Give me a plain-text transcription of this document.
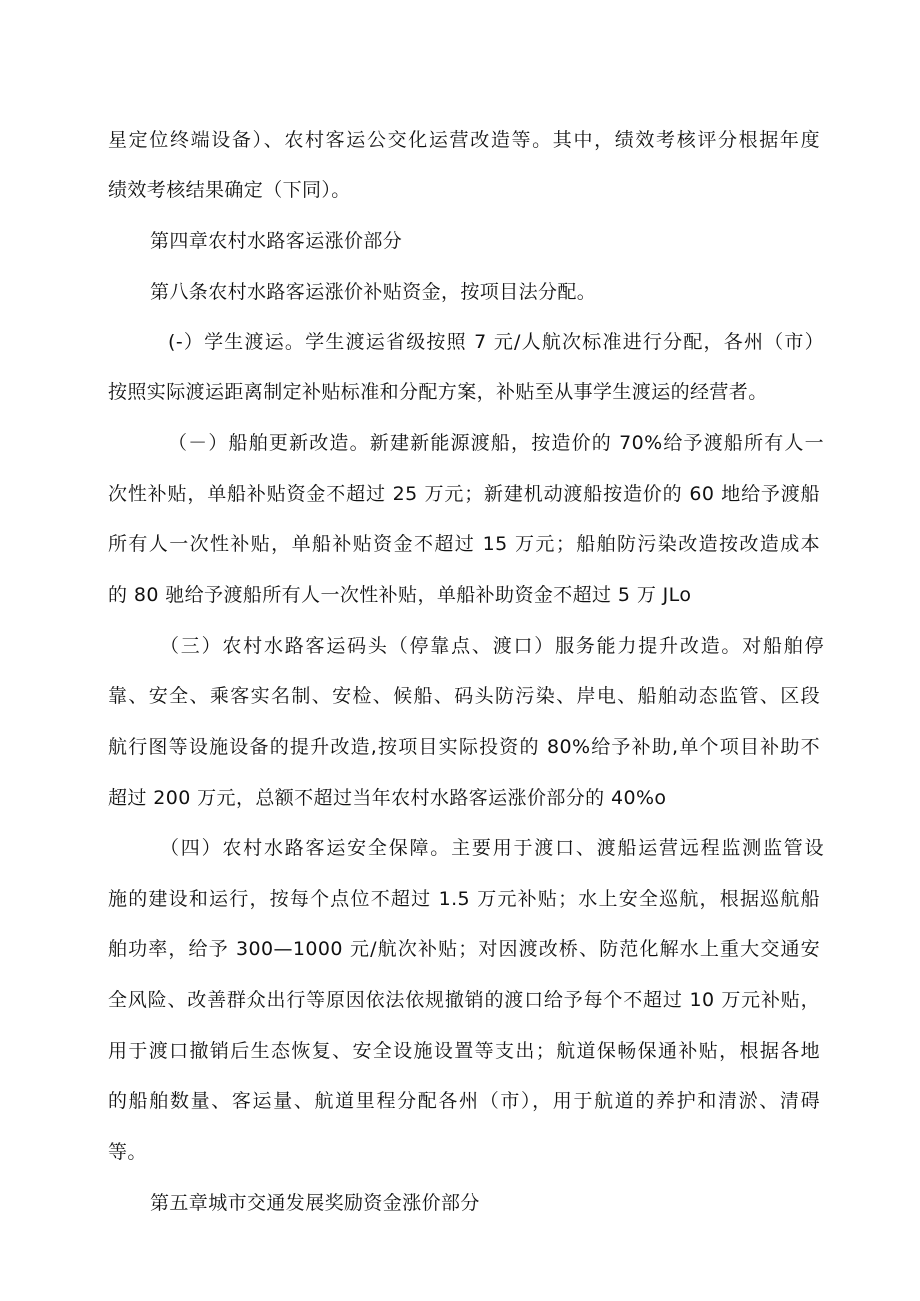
星定位终端设备）、农村客运公交化运营改造等。其中，绩效考核评分根据年度
绩效考核结果确定（下同）。
第四章农村水路客运涨价部分
第八条农村水路客运涨价补贴资金，按项目法分配。
(-）学生渡运。学生渡运省级按照 7 元/人航次标准进行分配，各州（市）
按照实际渡运距离制定补贴标准和分配方案，补贴至从事学生渡运的经营者。
（－）船舶更新改造。新建新能源渡船，按造价的 70%给予渡船所有人一
次性补贴，单船补贴资金不超过 25 万元；新建机动渡船按造价的 60 地给予渡船
所有人一次性补贴，单船补贴资金不超过 15 万元；船舶防污染改造按改造成本
的 80 驰给予渡船所有人一次性补贴，单船补助资金不超过 5 万 JLo
（三）农村水路客运码头（停靠点、渡口）服务能力提升改造。对船舶停
靠、安全、乘客实名制、安检、候船、码头防污染、岸电、船舶动态监管、区段
航行图等设施设备的提升改造,按项目实际投资的 80%给予补助,单个项目补助不
超过 200 万元，总额不超过当年农村水路客运涨价部分的 40%o
（四）农村水路客运安全保障。主要用于渡口、渡船运营远程监测监管设
施的建设和运行，按每个点位不超过 1.5 万元补贴；水上安全巡航，根据巡航船
舶功率，给予 300—1000 元/航次补贴；对因渡改桥、防范化解水上重大交通安
全风险、改善群众出行等原因依法依规撤销的渡口给予每个不超过 10 万元补贴，
用于渡口撤销后生态恢复、安全设施设置等支出；航道保畅保通补贴，根据各地
的船舶数量、客运量、航道里程分配各州（市），用于航道的养护和清淤、清碍
等。
第五章城市交通发展奖励资金涨价部分
